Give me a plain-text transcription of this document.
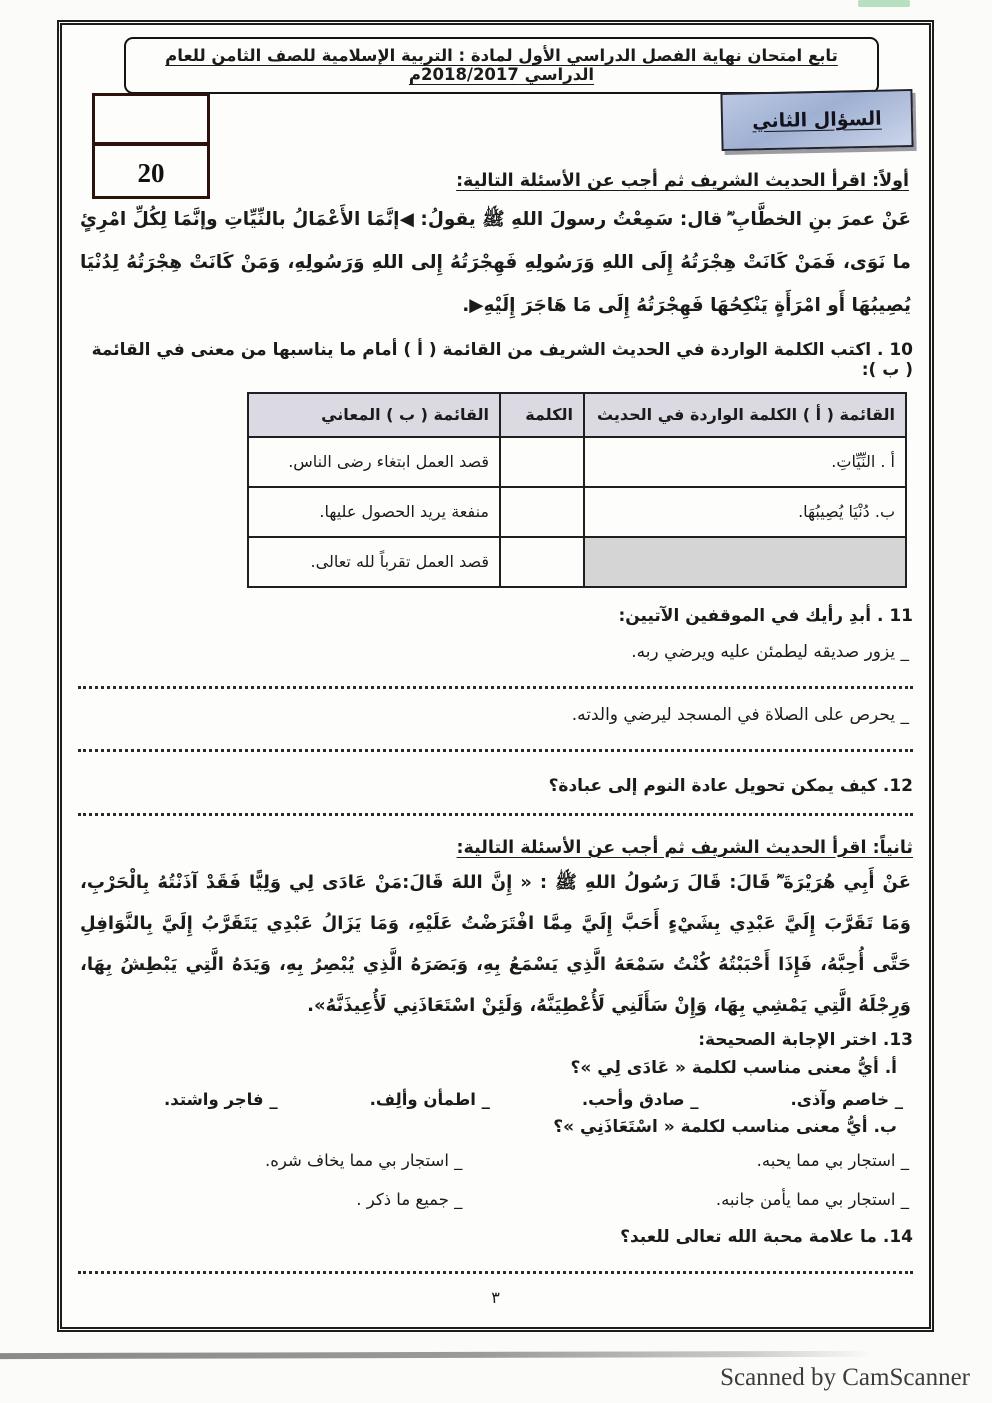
تابع امتحان نهاية الفصل الدراسي الأول لمادة : التربية الإسلامية للصف الثامن للعام الدراسي 2018/2017م
السؤال الثاني
20	أولاً: اقرأ الحديث الشريف ثم أجب عن الأسئلة التالية:

عَنْ عمرَ بنِ الخطَّابِ ؓ قال: سَمِعْتُ رسولَ اللهِ ﷺ يقولُ: ◀إنَّمَا الأَعْمَالُ بالنِّيِّاتِ وإنَّمَا لِكُلِّ امْرِئٍ ما نَوَى، فَمَنْ كَانَتْ هِجْرَتُهُ إِلَى اللهِ وَرَسُولِهِ فَهِجْرَتُهُ إِلى اللهِ وَرَسُولِهِ، وَمَنْ كَانَتْ هِجْرَتُهُ لِدُنْيَا يُصِيبُهَا أَو امْرَأَةٍ يَنْكِحُهَا فَهِجْرَتُهُ إِلَى مَا هَاجَرَ إِلَيْهِ▶.

10 . اكتب الكلمة الواردة في الحديث الشريف من القائمة ( أ ) أمام ما يناسبها من معنى في القائمة ( ب ):
القائمة ( أ ) الكلمة الواردة في الحديث	الكلمة	القائمة ( ب ) المعاني
أ . النِّيِّاتِ.		قصد العمل ابتغاء رضى الناس.
ب. دُنْيَا يُصِيبُهَا.		منفعة يريد الحصول عليها.
		قصد العمل تقرباً لله تعالى.
11 . أبدِ رأيك في الموقفين الآتيين:
_ يزور صديقه ليطمئن عليه ويرضي ربه.
_ يحرص على الصلاة في المسجد ليرضي والدته.
12. كيف يمكن تحويل عادة النوم إلى عبادة؟
ثانياً: اقرأ الحديث الشريف ثم أجب عن الأسئلة التالية:

عَنْ أَبِي هُرَيْرَةَ ؓ قَالَ: قَالَ رَسُولُ اللهِ ﷺ : « إِنَّ اللهَ قَالَ:مَنْ عَادَى لِي وَلِيًّا فَقَدْ آذَنْتُهُ بِالْحَرْبِ، وَمَا تَقَرَّبَ إِلَيَّ عَبْدِي بِشَيْءٍ أَحَبَّ إِلَيَّ مِمَّا افْتَرَضْتُ عَلَيْهِ، وَمَا يَزَالُ عَبْدِي يَتَقَرَّبُ إِلَيَّ بِالنَّوَافِلِ حَتَّى أُحِبَّهُ، فَإِذَا أَحْبَبْتُهُ كُنْتُ سَمْعَهُ الَّذِي يَسْمَعُ بِهِ، وَبَصَرَهُ الَّذِي يُبْصِرُ بِهِ، وَيَدَهُ الَّتِي يَبْطِشُ بِهَا، وَرِجْلَهُ الَّتِي يَمْشِي بِهَا، وَإِنْ سَأَلَنِي لَأُعْطِيَنَّهُ، وَلَئِنْ اسْتَعَاذَنِي لَأُعِيذَنَّهُ».

13. اختر الإجابة الصحيحة:
أ. أيُّ معنى مناسب لكلمة « عَادَى لِي »؟
_ خاصم وآذى.
_ صادق وأحب.
_ اطمأن وألِف.
_ فاجر واشتد.
ب. أيُّ معنى مناسب لكلمة « اسْتَعَاذَنِي »؟
_ استجار بي مما يحبه.
_ استجار بي مما يخاف شره.
_ استجار بي مما يأمن جانبه.
_ جميع ما ذكر .
14. ما علامة محبة الله تعالى للعبد؟
٣
Scanned by CamScanner
